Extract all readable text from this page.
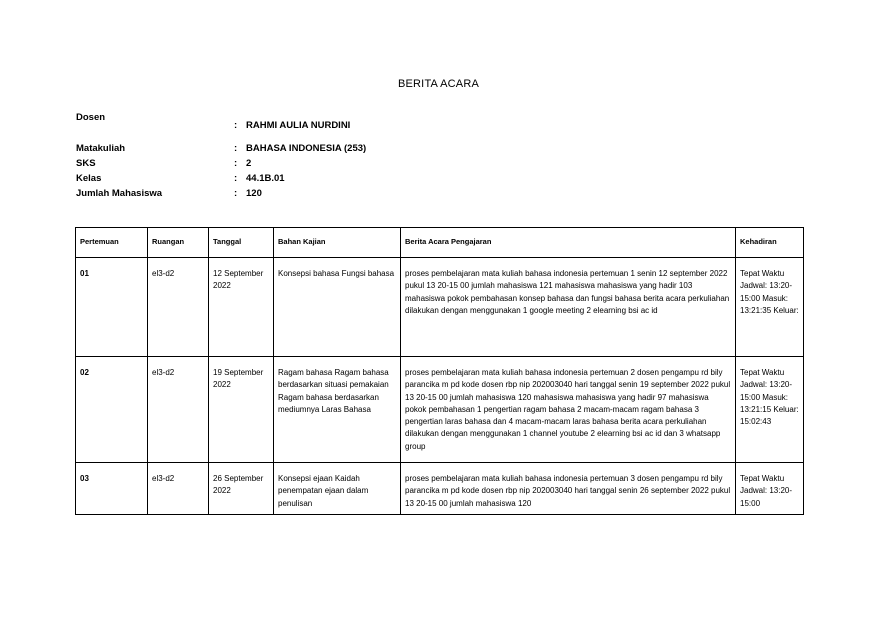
BERITA ACARA
Dosen
: RAHMI AULIA NURDINI
Matakuliah	: BAHASA INDONESIA (253)
SKS	: 2
Kelas	: 44.1B.01
Jumlah Mahasiswa	: 120
Pertemuan	Ruangan	Tanggal	Bahan Kajian	Berita Acara Pengajaran	Kehadiran
01	el3-d2	12 September 2022	Konsepsi bahasa Fungsi bahasa	proses pembelajaran mata kuliah bahasa indonesia pertemuan 1 senin 12 september 2022 pukul 13 20-15 00 jumlah mahasiswa 121 mahasiswa mahasiswa yang hadir 103 mahasiswa pokok pembahasan konsep bahasa dan fungsi bahasa berita acara perkuliahan dilakukan dengan menggunakan 1 google meeting 2 elearning bsi ac id	Tepat Waktu Jadwal: 13:20-15:00 Masuk: 13:21:35 Keluar:
02	el3-d2	19 September 2022	Ragam bahasa Ragam bahasa berdasarkan situasi pemakaian Ragam bahasa berdasarkan mediumnya Laras Bahasa	proses pembelajaran mata kuliah bahasa indonesia pertemuan 2 dosen pengampu rd bily parancika m pd kode dosen rbp nip 202003040 hari tanggal senin 19 september 2022 pukul 13 20-15 00 jumlah mahasiswa 120 mahasiswa mahasiswa yang hadir 97 mahasiswa pokok pembahasan 1 pengertian ragam bahasa 2 macam-macam ragam bahasa 3 pengertian laras bahasa dan 4 macam-macam laras bahasa berita acara perkuliahan dilakukan dengan menggunakan 1 channel youtube 2 elearning bsi ac id dan 3 whatsapp group	Tepat Waktu Jadwal: 13:20-15:00 Masuk: 13:21:15 Keluar: 15:02:43
03	el3-d2	26 September 2022	Konsepsi ejaan Kaidah penempatan ejaan dalam penulisan	proses pembelajaran mata kuliah bahasa indonesia pertemuan 3 dosen pengampu rd bily parancika m pd kode dosen rbp nip 202003040 hari tanggal senin 26 september 2022 pukul 13 20-15 00 jumlah mahasiswa 120	Tepat Waktu Jadwal: 13:20-15:00
